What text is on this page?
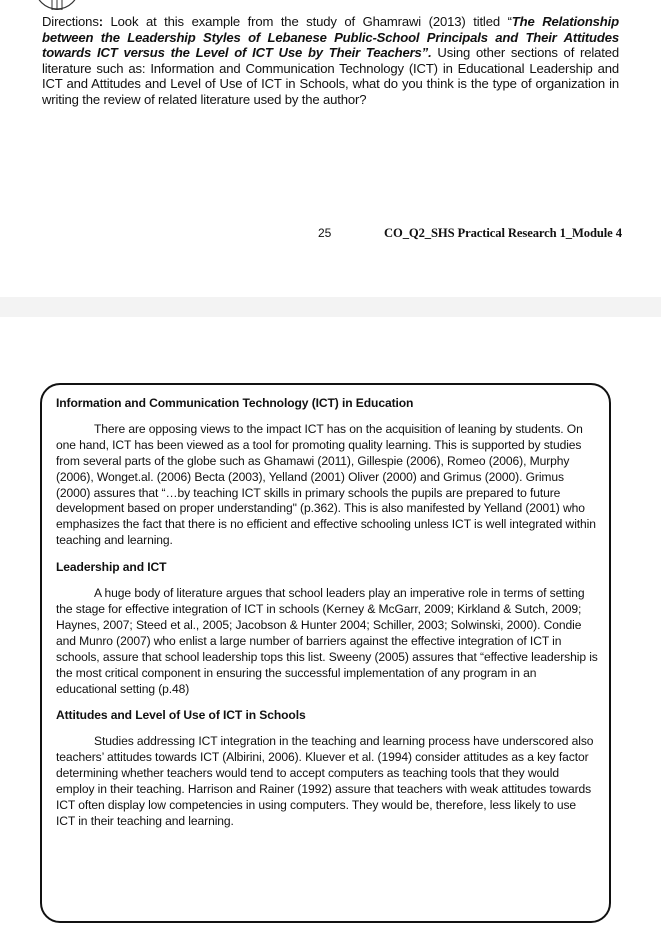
Directions: Look at this example from the study of Ghamrawi (2013) titled “The Relationship between the Leadership Styles of Lebanese Public-School Principals and Their Attitudes towards ICT versus the Level of ICT Use by Their Teachers”. Using other sections of related literature such as: Information and Communication Technology (ICT) in Educational Leadership and ICT and Attitudes and Level of Use of ICT in Schools, what do you think is the type of organization in writing the review of related literature used by the author?
25	CO_Q2_SHS Practical Research 1_Module 4
Information and Communication Technology (ICT) in Education

There are opposing views to the impact ICT has on the acquisition of leaning by students. On one hand, ICT has been viewed as a tool for promoting quality learning. This is supported by studies from several parts of the globe such as Ghamawi (2011), Gillespie (2006), Romeo (2006), Murphy (2006), Wonget.al. (2006) Becta (2003), Yelland (2001) Oliver (2000) and Grimus (2000). Grimus (2000) assures that “…by teaching ICT skills in primary schools the pupils are prepared to future development based on proper understanding" (p.362). This is also manifested by Yelland (2001) who emphasizes the fact that there is no efficient and effective schooling unless ICT is well integrated within teaching and learning.

Leadership and ICT

A huge body of literature argues that school leaders play an imperative role in terms of setting the stage for effective integration of ICT in schools (Kerney & McGarr, 2009; Kirkland & Sutch, 2009; Haynes, 2007; Steed et al., 2005; Jacobson & Hunter 2004; Schiller, 2003; Solwinski, 2000). Condie and Munro (2007) who enlist a large number of barriers against the effective integration of ICT in schools, assure that school leadership tops this list. Sweeny (2005) assures that “effective leadership is the most critical component in ensuring the successful implementation of any program in an educational setting (p.48)

Attitudes and Level of Use of ICT in Schools

Studies addressing ICT integration in the teaching and learning process have underscored also teachers’ attitudes towards ICT (Albirini, 2006). Kluever et al. (1994) consider attitudes as a key factor determining whether teachers would tend to accept computers as teaching tools that they would employ in their teaching. Harrison and Rainer (1992) assure that teachers with weak attitudes towards ICT often display low competencies in using computers. They would be, therefore, less likely to use ICT in their teaching and learning.
